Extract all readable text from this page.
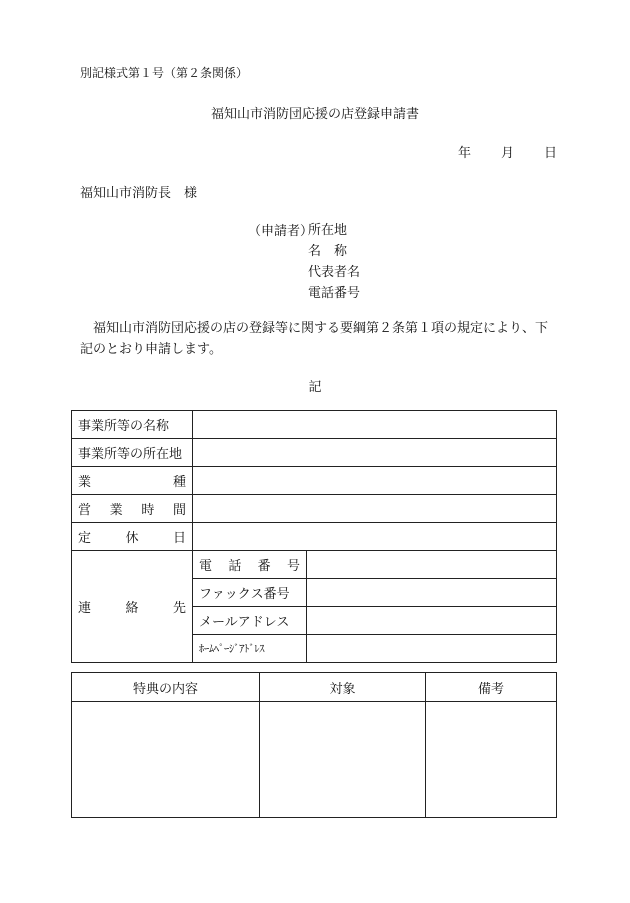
別記様式第１号（第２条関係）
福知山市消防団応援の店登録申請書
年 月 日
福知山市消防長　様
（申請者）
所在地
名　称
代表者名
電話番号
福知山市消防団応援の店の登録等に関する要綱第２条第１項の規定により、下記のとおり申請します。
記
事業所等の名称		
事業所等の所在地		

業 種		

営 業 時 間		

定 休 日		

連 絡 先	電 話 番 号	

	ファックス番号	
	メールアドレス	
	ﾎｰﾑﾍﾟｰｼﾞｱﾄﾞﾚｽ	
特典の内容	対象	備考
